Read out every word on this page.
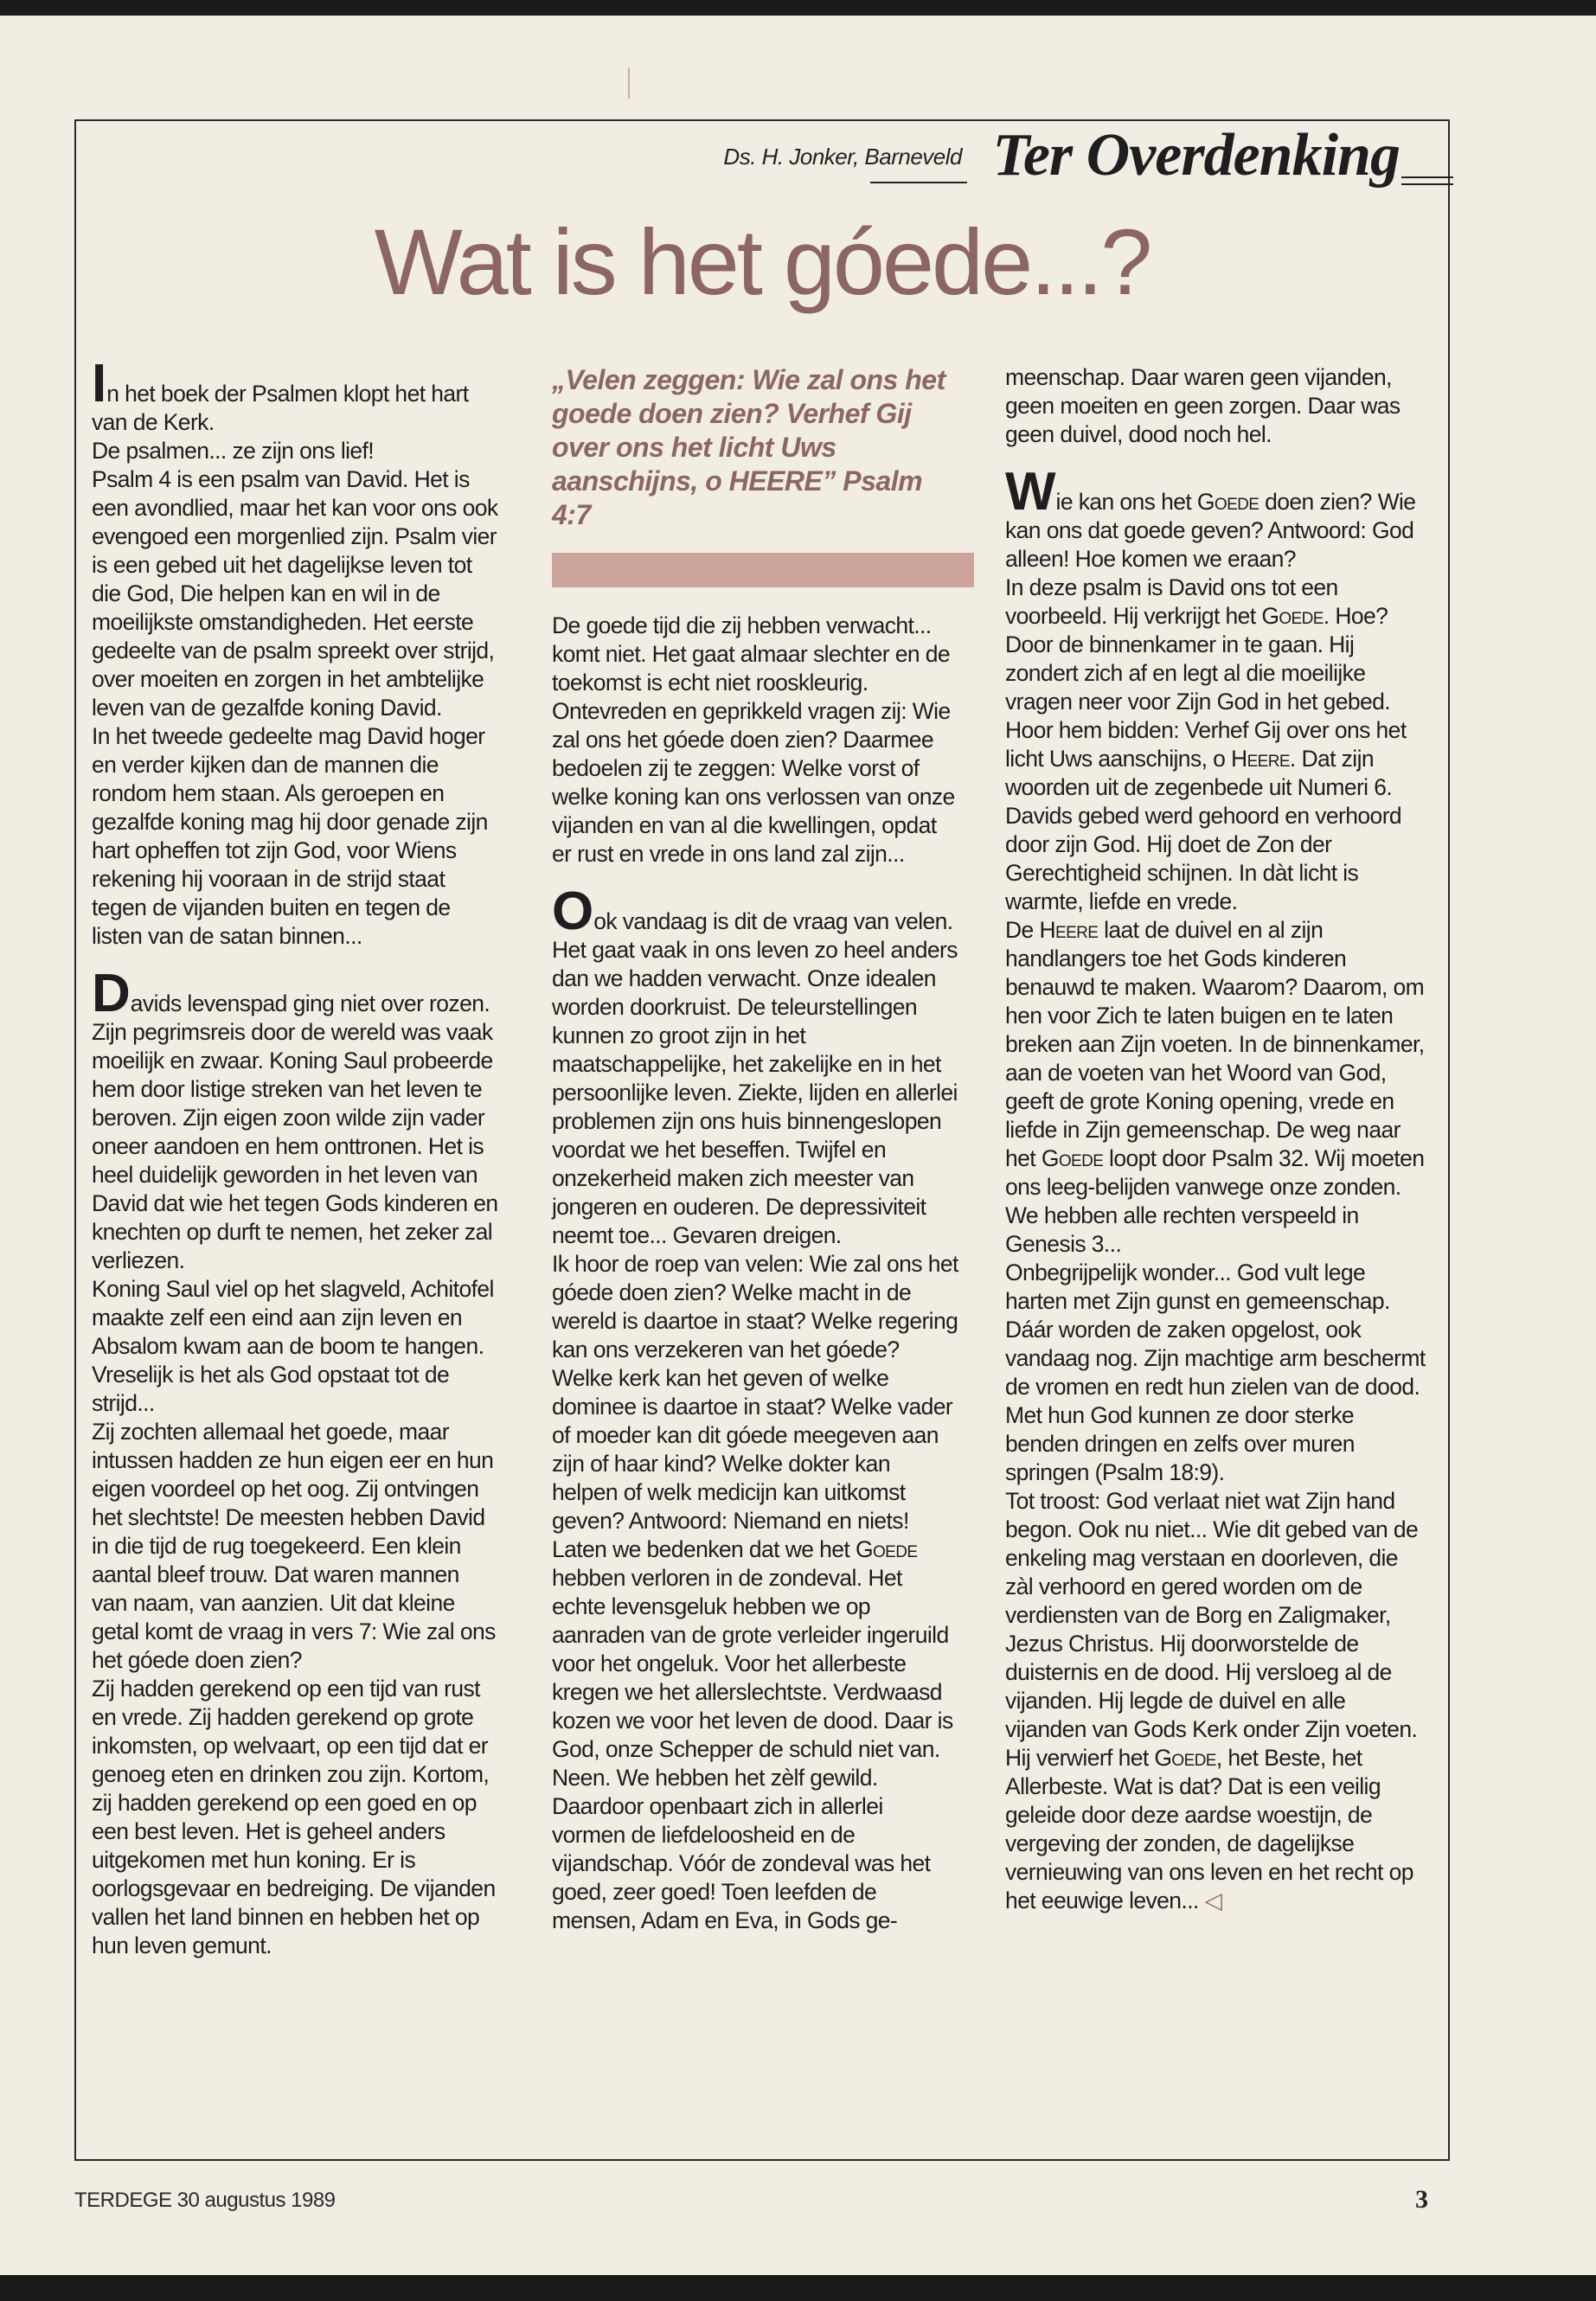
Ds. H. Jonker, Barneveld Ter Overdenking
Wat is het góede...?

In het boek der Psalmen klopt het hart van de Kerk.

De psalmen... ze zijn ons lief!

Psalm 4 is een psalm van David. Het is een avondlied, maar het kan voor ons ook evengoed een morgenlied zijn. Psalm vier is een gebed uit het dagelijkse leven tot die God, Die helpen kan en wil in de moeilijkste omstandigheden. Het eerste gedeelte van de psalm spreekt over strijd, over moeiten en zorgen in het ambtelijke leven van de gezalfde koning David.

In het tweede gedeelte mag David hoger en verder kijken dan de mannen die rondom hem staan. Als geroepen en gezalfde koning mag hij door genade zijn hart opheffen tot zijn God, voor Wiens rekening hij vooraan in de strijd staat tegen de vijanden buiten en tegen de listen van de satan binnen...

Davids levenspad ging niet over rozen. Zijn pegrimsreis door de wereld was vaak moeilijk en zwaar. Koning Saul probeerde hem door listige streken van het leven te beroven. Zijn eigen zoon wilde zijn vader oneer aandoen en hem onttronen. Het is heel duidelijk geworden in het leven van David dat wie het tegen Gods kinderen en knechten op durft te nemen, het zeker zal verliezen.

Koning Saul viel op het slagveld, Achitofel maakte zelf een eind aan zijn leven en Absalom kwam aan de boom te hangen. Vreselijk is het als God opstaat tot de strijd...

Zij zochten allemaal het goede, maar intussen hadden ze hun eigen eer en hun eigen voordeel op het oog. Zij ontvingen het slechtste! De meesten hebben David in die tijd de rug toegekeerd. Een klein aantal bleef trouw. Dat waren mannen van naam, van aanzien. Uit dat kleine getal komt de vraag in vers 7: Wie zal ons het góede doen zien?

Zij hadden gerekend op een tijd van rust en vrede. Zij hadden gerekend op grote inkomsten, op welvaart, op een tijd dat er genoeg eten en drinken zou zijn. Kortom, zij hadden gerekend op een goed en op een best leven. Het is geheel anders uitgekomen met hun koning. Er is oorlogsgevaar en bedreiging. De vijanden vallen het land binnen en hebben het op hun leven gemunt.

„Velen zeggen: Wie zal ons het goede doen zien? Verhef Gij over ons het licht Uws aanschijns, o HEERE” Psalm 4:7

De goede tijd die zij hebben verwacht... komt niet. Het gaat almaar slechter en de toekomst is echt niet rooskleurig.

Ontevreden en geprikkeld vragen zij: Wie zal ons het góede doen zien? Daarmee bedoelen zij te zeggen: Welke vorst of welke koning kan ons verlossen van onze vijanden en van al die kwellingen, opdat er rust en vrede in ons land zal zijn...

Ook vandaag is dit de vraag van velen. Het gaat vaak in ons leven zo heel anders dan we hadden verwacht. Onze idealen worden doorkruist. De teleurstellingen kunnen zo groot zijn in het maatschappelijke, het zakelijke en in het persoonlijke leven. Ziekte, lijden en allerlei problemen zijn ons huis binnengeslopen voordat we het beseffen. Twijfel en onzekerheid maken zich meester van jongeren en ouderen. De depressiviteit neemt toe... Gevaren dreigen.

Ik hoor de roep van velen: Wie zal ons het góede doen zien? Welke macht in de wereld is daartoe in staat? Welke regering kan ons verzekeren van het góede? Welke kerk kan het geven of welke dominee is daartoe in staat? Welke vader of moeder kan dit góede meegeven aan zijn of haar kind? Welke dokter kan helpen of welk medicijn kan uitkomst geven? Antwoord: Niemand en niets!

Laten we bedenken dat we het Goede hebben verloren in de zondeval. Het echte levensgeluk hebben we op aanraden van de grote verleider ingeruild voor het ongeluk. Voor het allerbeste kregen we het allerslechtste. Verdwaasd kozen we voor het leven de dood. Daar is God, onze Schepper de schuld niet van. Neen. We hebben het zèlf gewild. Daardoor openbaart zich in allerlei vormen de liefdeloosheid en de vijandschap. Vóór de zondeval was het goed, zeer goed! Toen leefden de mensen, Adam en Eva, in Gods ge-

meenschap. Daar waren geen vijanden, geen moeiten en geen zorgen. Daar was geen duivel, dood noch hel.

Wie kan ons het Goede doen zien? Wie kan ons dat goede geven? Antwoord: God alleen! Hoe komen we eraan?

In deze psalm is David ons tot een voorbeeld. Hij verkrijgt het Goede. Hoe? Door de binnenkamer in te gaan. Hij zondert zich af en legt al die moeilijke vragen neer voor Zijn God in het gebed.

Hoor hem bidden: Verhef Gij over ons het licht Uws aanschijns, o Heere. Dat zijn woorden uit de zegenbede uit Numeri 6.

Davids gebed werd gehoord en verhoord door zijn God. Hij doet de Zon der Gerechtigheid schijnen. In dàt licht is warmte, liefde en vrede.

De Heere laat de duivel en al zijn handlangers toe het Gods kinderen benauwd te maken. Waarom? Daarom, om hen voor Zich te laten buigen en te laten breken aan Zijn voeten. In de binnenkamer, aan de voeten van het Woord van God, geeft de grote Koning opening, vrede en liefde in Zijn gemeenschap. De weg naar het Goede loopt door Psalm 32. Wij moeten ons leeg-belijden vanwege onze zonden. We hebben alle rechten verspeeld in Genesis 3...

Onbegrijpelijk wonder... God vult lege harten met Zijn gunst en gemeenschap. Dáár worden de zaken opgelost, ook vandaag nog. Zijn machtige arm beschermt de vromen en redt hun zielen van de dood. Met hun God kunnen ze door sterke benden dringen en zelfs over muren springen (Psalm 18:9).

Tot troost: God verlaat niet wat Zijn hand begon. Ook nu niet... Wie dit gebed van de enkeling mag verstaan en doorleven, die zàl verhoord en gered worden om de verdiensten van de Borg en Zaligmaker, Jezus Christus. Hij doorworstelde de duisternis en de dood. Hij versloeg al de vijanden. Hij legde de duivel en alle vijanden van Gods Kerk onder Zijn voeten. Hij verwierf het Goede, het Beste, het Allerbeste. Wat is dat? Dat is een veilig geleide door deze aardse woestijn, de vergeving der zonden, de dagelijkse vernieuwing van ons leven en het recht op het eeuwige leven... ◁

TERDEGE 30 augustus 1989	3
